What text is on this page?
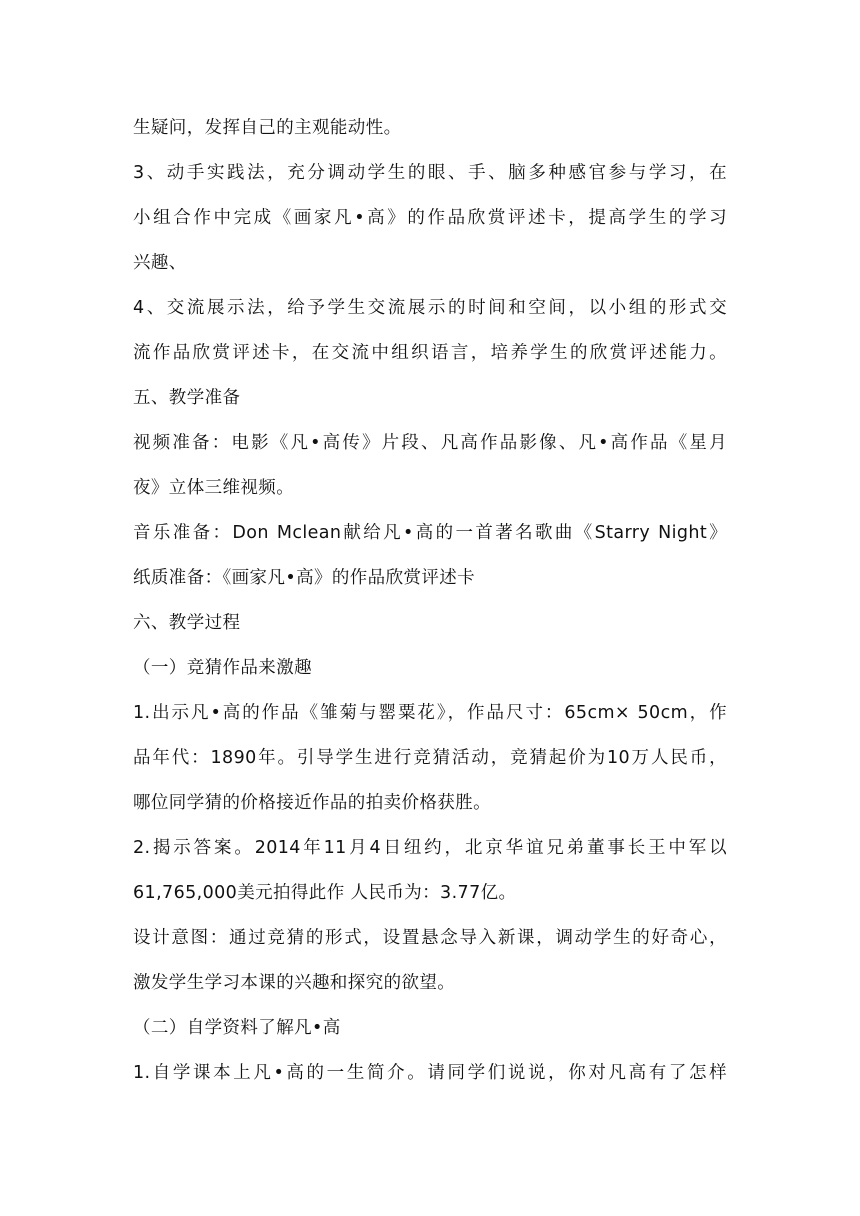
生疑问，发挥自己的主观能动性。
3、动手实践法，充分调动学生的眼、手、脑多种感官参与学习，在
小组合作中完成《画家凡•高》的作品欣赏评述卡，提高学生的学习
兴趣、
4、交流展示法，给予学生交流展示的时间和空间，以小组的形式交
流作品欣赏评述卡，在交流中组织语言，培养学生的欣赏评述能力。
五、教学准备
视频准备：电影《凡•高传》片段、凡高作品影像、凡•高作品《星月
夜》立体三维视频。
音乐准备：Don Mclean献给凡•高的一首著名歌曲《Starry Night》
纸质准备：《画家凡•高》的作品欣赏评述卡
六、教学过程
（一）竞猜作品来激趣
1.出示凡•高的作品《雏菊与罂粟花》，作品尺寸：65cm× 50cm，作
品年代：1890年。引导学生进行竞猜活动，竞猜起价为10万人民币，
哪位同学猜的价格接近作品的拍卖价格获胜。
2.揭示答案。2014年11月4日纽约，北京华谊兄弟董事长王中军以
61,765,000美元拍得此作 人民币为：3.77亿。
设计意图：通过竞猜的形式，设置悬念导入新课，调动学生的好奇心，
激发学生学习本课的兴趣和探究的欲望。
（二）自学资料了解凡•高
1.自学课本上凡•高的一生简介。请同学们说说，你对凡高有了怎样
